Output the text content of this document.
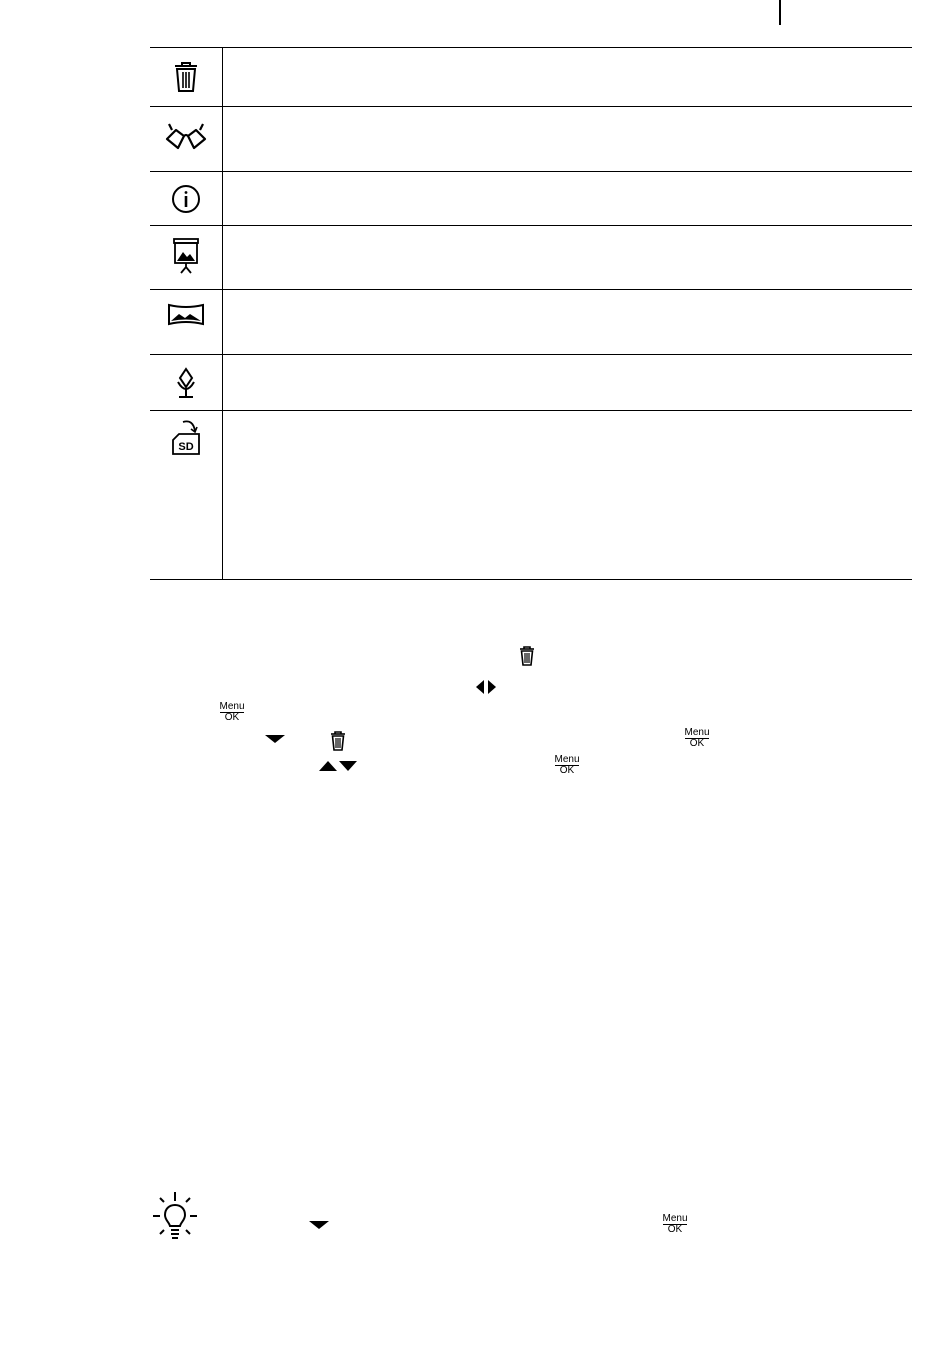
SD
Menu
OK
Menu
OK
Menu
OK
Menu
OK
